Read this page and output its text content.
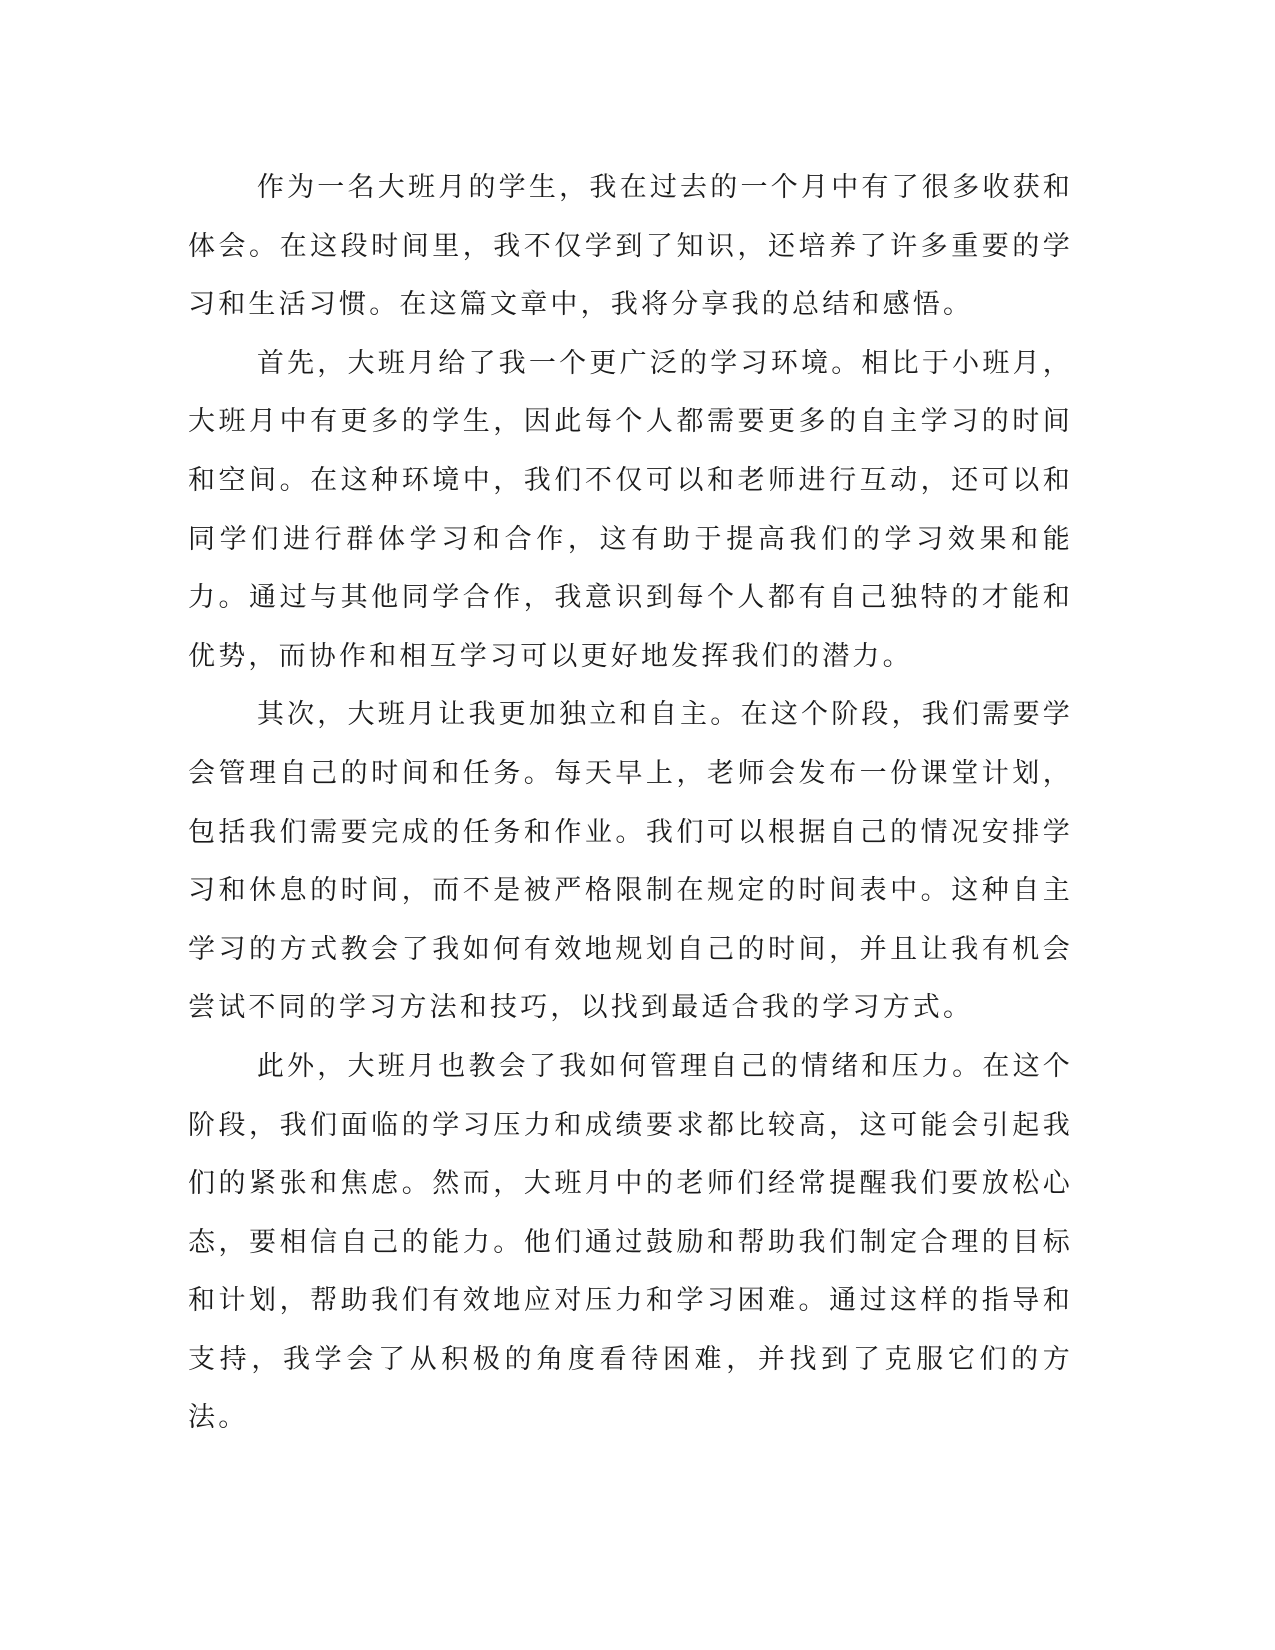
作为一名大班月的学生，我在过去的一个月中有了很多收获和体会。在这段时间里，我不仅学到了知识，还培养了许多重要的学习和生活习惯。在这篇文章中，我将分享我的总结和感悟。

首先，大班月给了我一个更广泛的学习环境。相比于小班月，大班月中有更多的学生，因此每个人都需要更多的自主学习的时间和空间。在这种环境中，我们不仅可以和老师进行互动，还可以和同学们进行群体学习和合作，这有助于提高我们的学习效果和能力。通过与其他同学合作，我意识到每个人都有自己独特的才能和优势，而协作和相互学习可以更好地发挥我们的潜力。

其次，大班月让我更加独立和自主。在这个阶段，我们需要学会管理自己的时间和任务。每天早上，老师会发布一份课堂计划，包括我们需要完成的任务和作业。我们可以根据自己的情况安排学习和休息的时间，而不是被严格限制在规定的时间表中。这种自主学习的方式教会了我如何有效地规划自己的时间，并且让我有机会尝试不同的学习方法和技巧，以找到最适合我的学习方式。

此外，大班月也教会了我如何管理自己的情绪和压力。在这个阶段，我们面临的学习压力和成绩要求都比较高，这可能会引起我们的紧张和焦虑。然而，大班月中的老师们经常提醒我们要放松心态，要相信自己的能力。他们通过鼓励和帮助我们制定合理的目标和计划，帮助我们有效地应对压力和学习困难。通过这样的指导和支持，我学会了从积极的角度看待困难，并找到了克服它们的方法。
